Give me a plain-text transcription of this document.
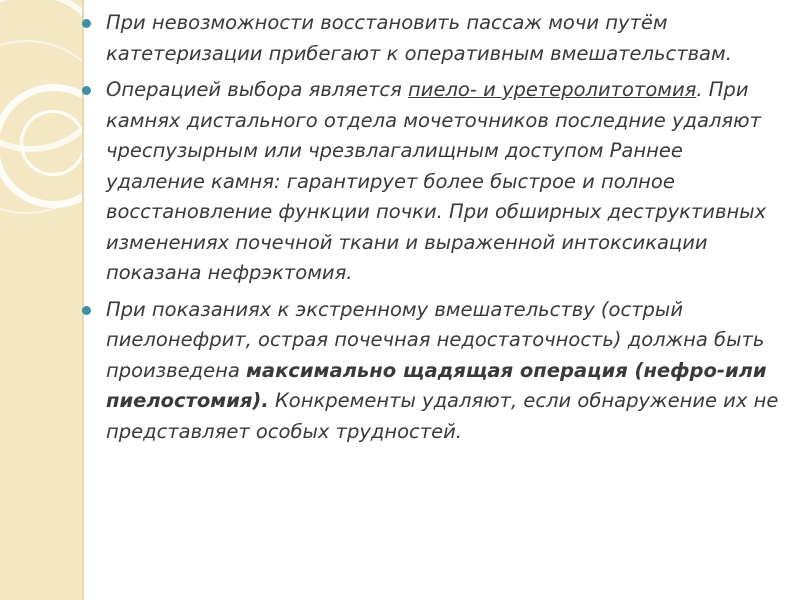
При невозможности восстановить пассаж мочи путём катетеризации прибегают к оперативным вмешательствам.
Операцией выбора является пиело- и уретеролитотомия. При камнях дистального отдела мочеточников последние удаляют чреспузырным или чрезвлагалищным доступом Раннее удаление камня: гарантирует более быстрое и полное восстановление функции почки. При обширных деструктивных изменениях почечной ткани и выраженной интоксикации показана нефрэктомия.
При показаниях к экстренному вмешательству (острый пиелонефрит, острая почечная недостаточность) должна быть произведена максимально щадящая операция (нефро-или пиелостомия). Конкременты удаляют, если обнаружение их не представляет особых трудностей.
